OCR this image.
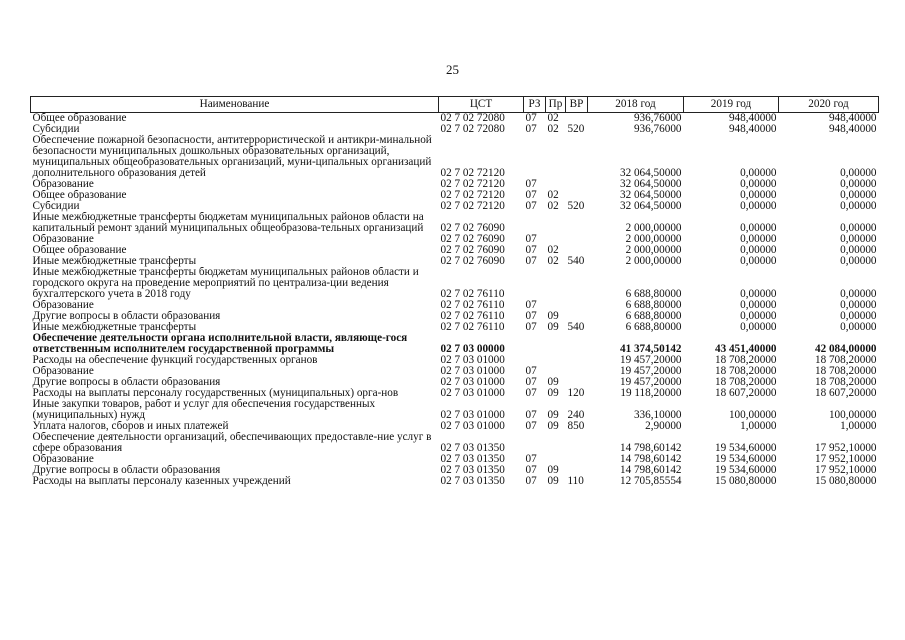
25
Наименование	ЦСТ	РЗ	Пр	ВР	2018 год	2019 год	2020 год
Общее образование	02 7 02 72080	07	02		936,76000	948,40000	948,40000
Субсидии	02 7 02 72080	07	02	520	936,76000	948,40000	948,40000
Обеспечение пожарной безопасности, антитеррористической и антикри-минальной безопасности муниципальных дошкольных образовательных организаций, муниципальных общеобразовательных организаций, муни-ципальных организаций дополнительного образования детей	02 7 02 72120				32 064,50000	0,00000	0,00000
Образование	02 7 02 72120	07			32 064,50000	0,00000	0,00000
Общее образование	02 7 02 72120	07	02		32 064,50000	0,00000	0,00000
Субсидии	02 7 02 72120	07	02	520	32 064,50000	0,00000	0,00000
Иные межбюджетные трансферты бюджетам муниципальных районов области на капитальный ремонт зданий муниципальных общеобразова-тельных организаций	02 7 02 76090				2 000,00000	0,00000	0,00000
Образование	02 7 02 76090	07			2 000,00000	0,00000	0,00000
Общее образование	02 7 02 76090	07	02		2 000,00000	0,00000	0,00000
Иные межбюджетные трансферты	02 7 02 76090	07	02	540	2 000,00000	0,00000	0,00000
Иные межбюджетные трансферты бюджетам муниципальных районов области и городского округа на проведение мероприятий по централиза-ции ведения бухгалтерского учета в 2018 году	02 7 02 76110				6 688,80000	0,00000	0,00000
Образование	02 7 02 76110	07			6 688,80000	0,00000	0,00000
Другие вопросы в области образования	02 7 02 76110	07	09		6 688,80000	0,00000	0,00000
Иные межбюджетные трансферты	02 7 02 76110	07	09	540	6 688,80000	0,00000	0,00000
Обеспечение деятельности органа исполнительной власти, являюще-гося ответственным исполнителем государственной программы	02 7 03 00000				41 374,50142	43 451,40000	42 084,00000
Расходы на обеспечение функций государственных органов	02 7 03 01000				19 457,20000	18 708,20000	18 708,20000
Образование	02 7 03 01000	07			19 457,20000	18 708,20000	18 708,20000
Другие вопросы в области образования	02 7 03 01000	07	09		19 457,20000	18 708,20000	18 708,20000
Расходы на выплаты персоналу государственных (муниципальных) орга-нов	02 7 03 01000	07	09	120	19 118,20000	18 607,20000	18 607,20000
Иные закупки товаров, работ и услуг для обеспечения государственных (муниципальных) нужд	02 7 03 01000	07	09	240	336,10000	100,00000	100,00000
Уплата налогов, сборов и иных платежей	02 7 03 01000	07	09	850	2,90000	1,00000	1,00000
Обеспечение деятельности организаций, обеспечивающих предоставле-ние услуг в сфере образования	02 7 03 01350				14 798,60142	19 534,60000	17 952,10000
Образование	02 7 03 01350	07			14 798,60142	19 534,60000	17 952,10000
Другие вопросы в области образования	02 7 03 01350	07	09		14 798,60142	19 534,60000	17 952,10000
Расходы на выплаты персоналу казенных учреждений	02 7 03 01350	07	09	110	12 705,85554	15 080,80000	15 080,80000
